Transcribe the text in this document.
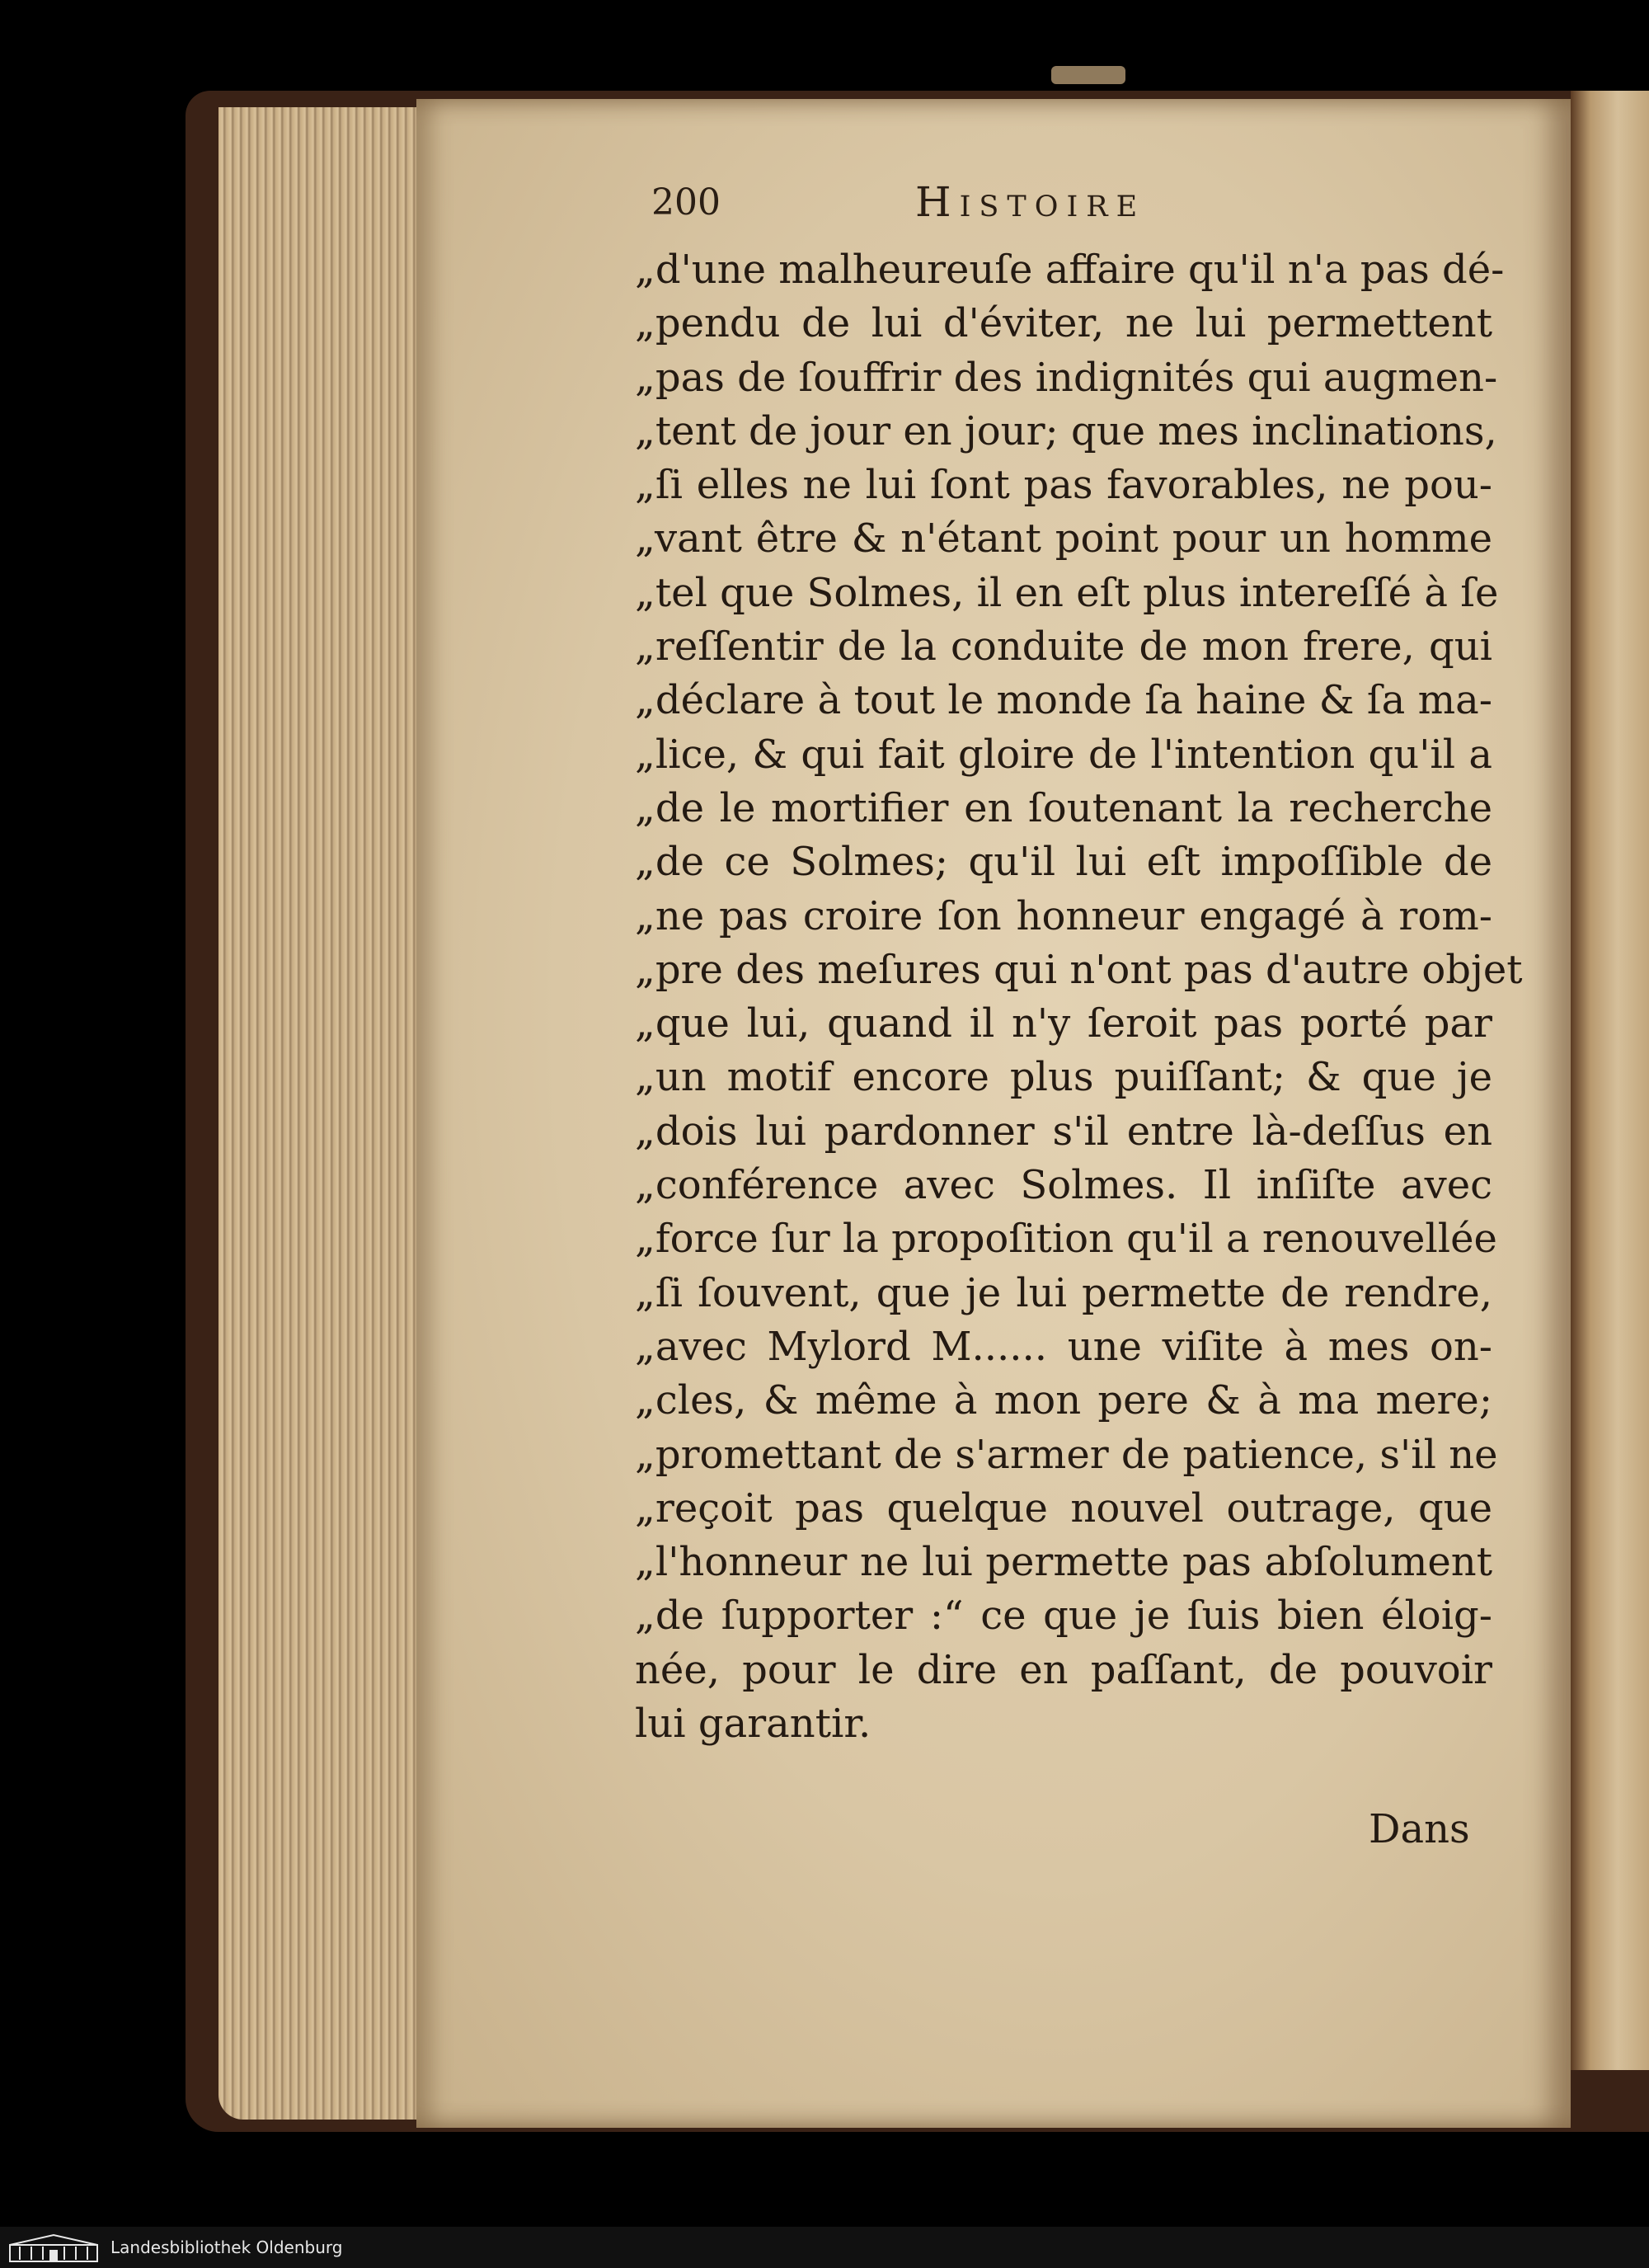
200	Histoire
„d'une malheureuſe affaire qu'il n'a pas dé-
„pendu de lui d'éviter, ne lui permettent
„pas de ſouffrir des indignités qui augmen-
„tent de jour en jour; que mes inclinations,
„ſi elles ne lui ſont pas favorables, ne pou-
„vant être & n'étant point pour un homme
„tel que Solmes, il en eſt plus intereſſé à ſe
„reſſentir de la conduite de mon frere, qui
„déclare à tout le monde ſa haine & ſa ma-
„lice, & qui fait gloire de l'intention qu'il a
„de le mortifier en ſoutenant la recherche
„de ce Solmes; qu'il lui eſt impoſſible de
„ne pas croire ſon honneur engagé à rom-
„pre des meſures qui n'ont pas d'autre objet
„que lui, quand il n'y ſeroit pas porté par
„un motif encore plus puiſſant; & que je
„dois lui pardonner s'il entre là-deſſus en
„conférence avec Solmes. Il inſiſte avec
„force ſur la propoſition qu'il a renouvellée
„ſi ſouvent, que je lui permette de rendre,
„avec Mylord M...... une viſite à mes on-
„cles, & même à mon pere & à ma mere;
„promettant de s'armer de patience, s'il ne
„reçoit pas quelque nouvel outrage, que
„l'honneur ne lui permette pas abſolument
„de ſupporter :“ ce que je ſuis bien éloig-
née, pour le dire en paſſant, de pouvoir
lui garantir.
Dans
Landesbibliothek Oldenburg
